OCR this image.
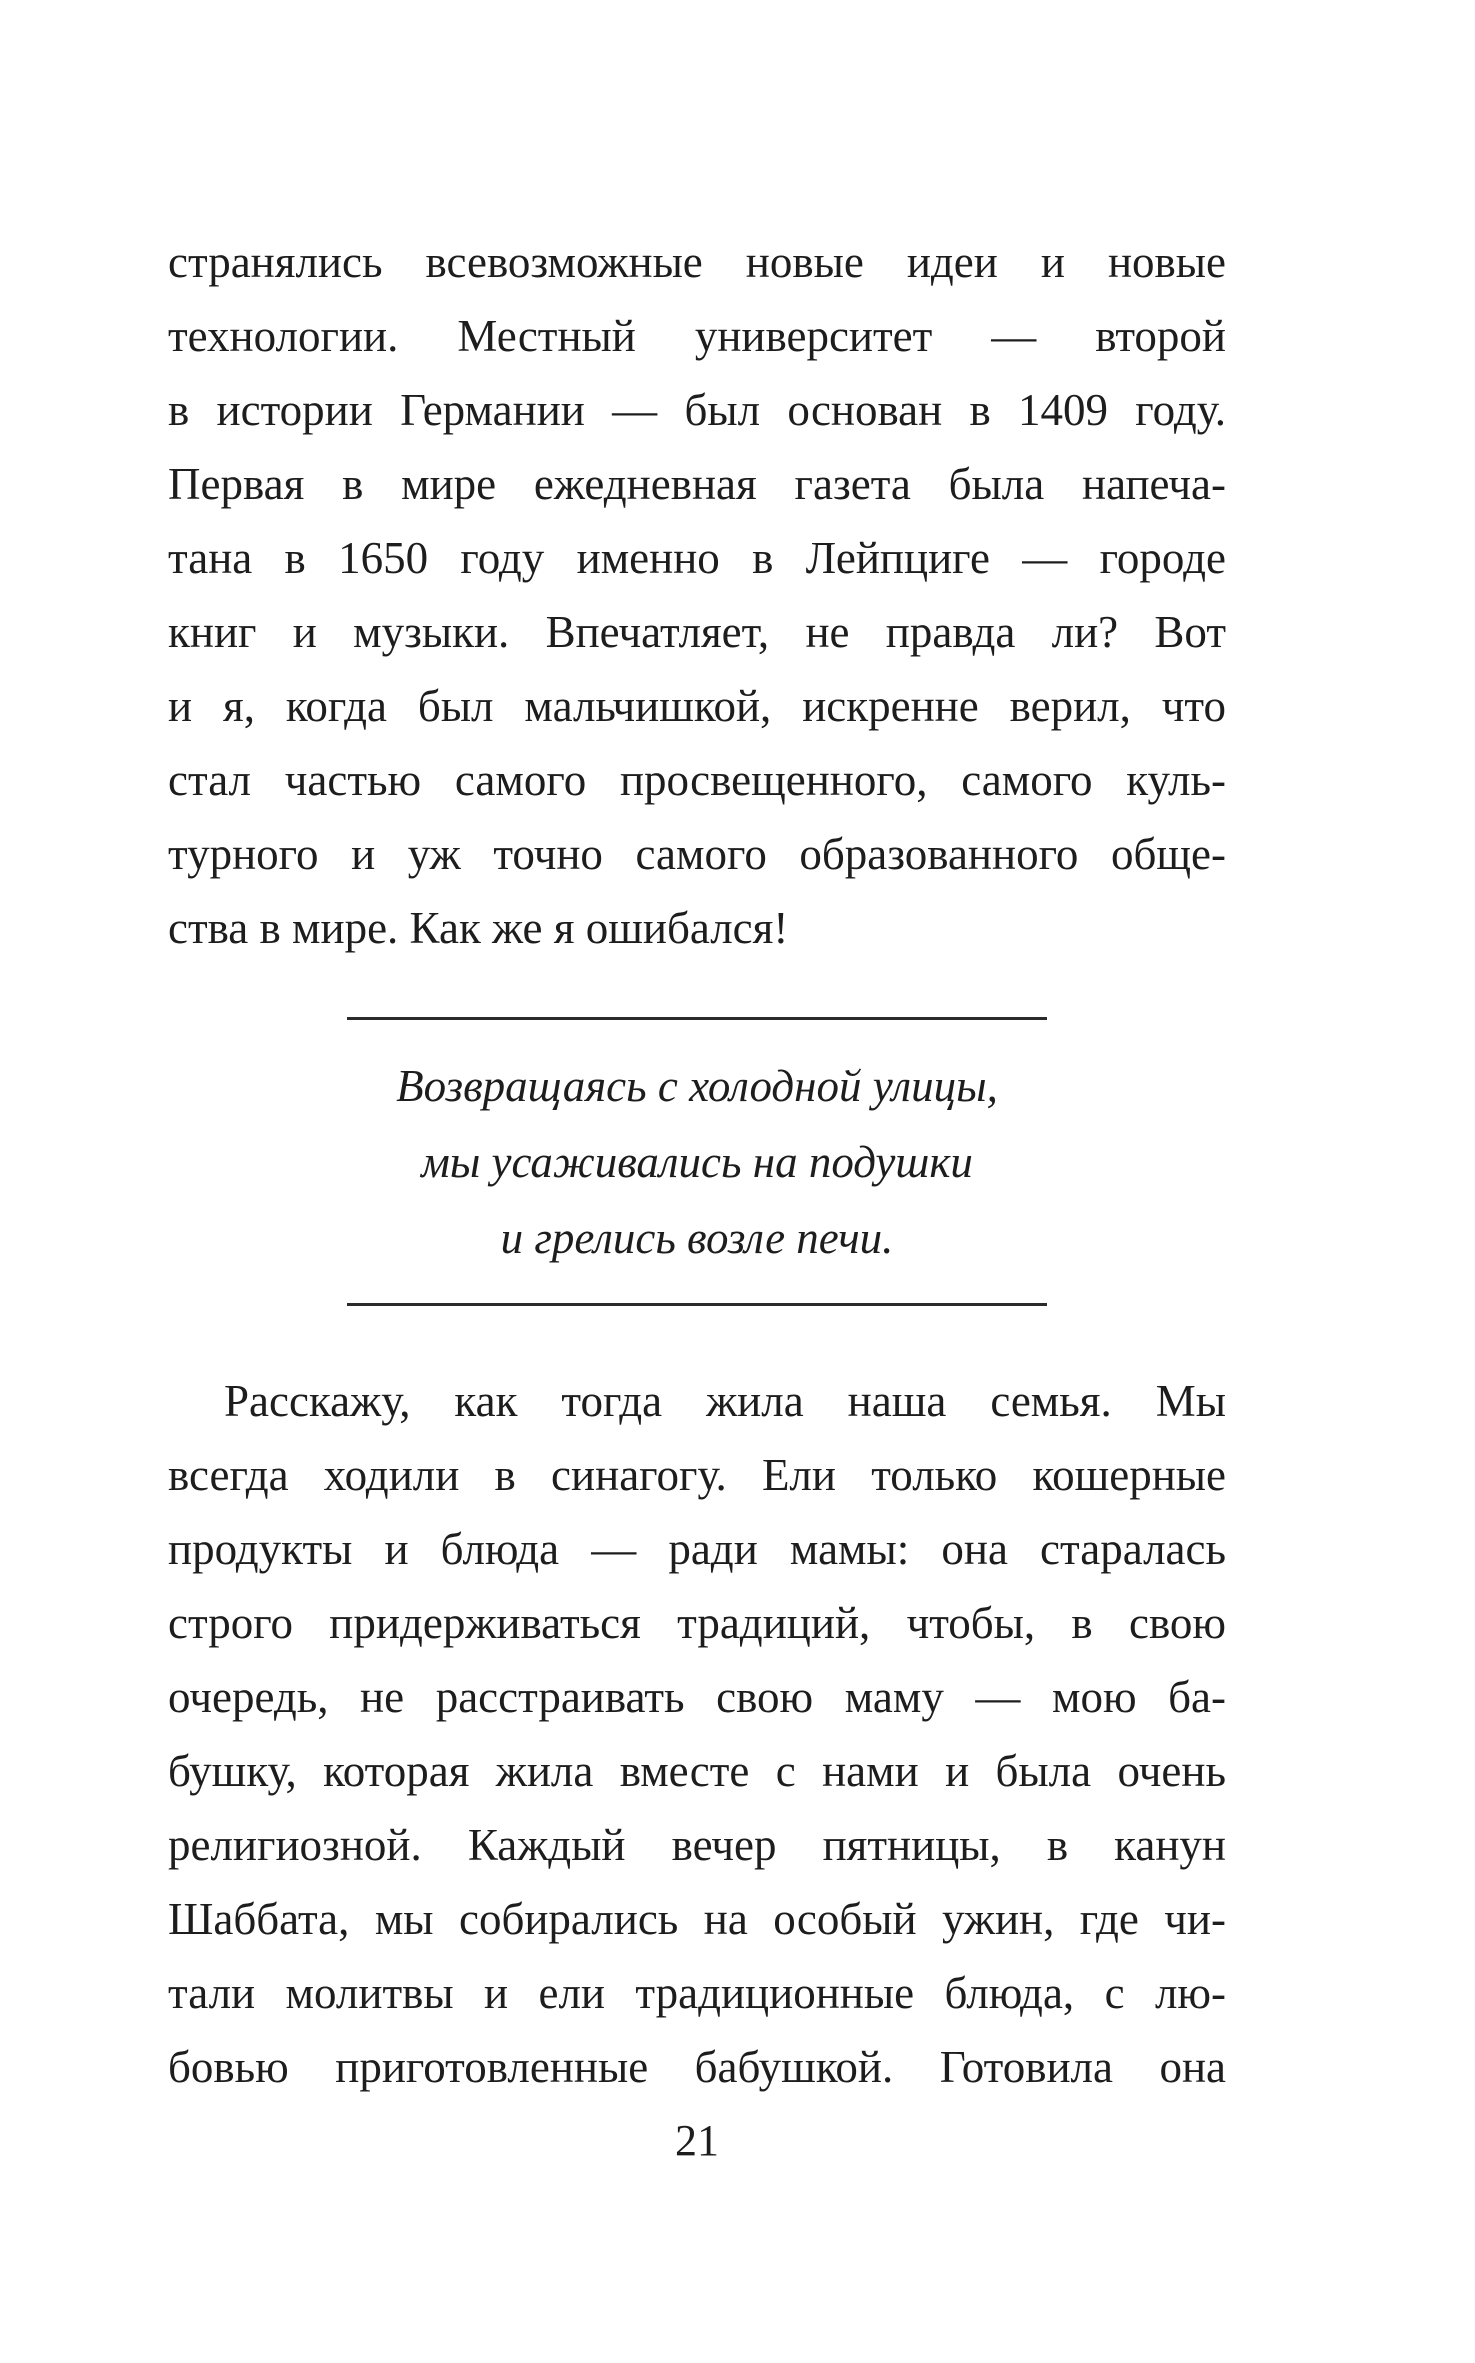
странялись всевозможные новые идеи и новые
технологии. Местный университет — второй
в истории Германии — был основан в 1409 году.
Первая в мире ежедневная газета была напеча-
тана в 1650 году именно в Лейпциге — городе
книг и музыки. Впечатляет, не правда ли? Вот
и я, когда был мальчишкой, искренне верил, что
стал частью самого просвещенного, самого куль-
турного и уж точно самого образованного обще-
ства в мире. Как же я ошибался!
Возвращаясь с холодной улицы,
мы усаживались на подушки
и грелись возле печи.
Расскажу, как тогда жила наша семья. Мы
всегда ходили в синагогу. Ели только кошерные
продукты и блюда — ради мамы: она старалась
строго придерживаться традиций, чтобы, в свою
очередь, не расстраивать свою маму — мою ба-
бушку, которая жила вместе с нами и была очень
религиозной. Каждый вечер пятницы, в канун
Шаббата, мы собирались на особый ужин, где чи-
тали молитвы и ели традиционные блюда, с лю-
бовью приготовленные бабушкой. Готовила она
21
